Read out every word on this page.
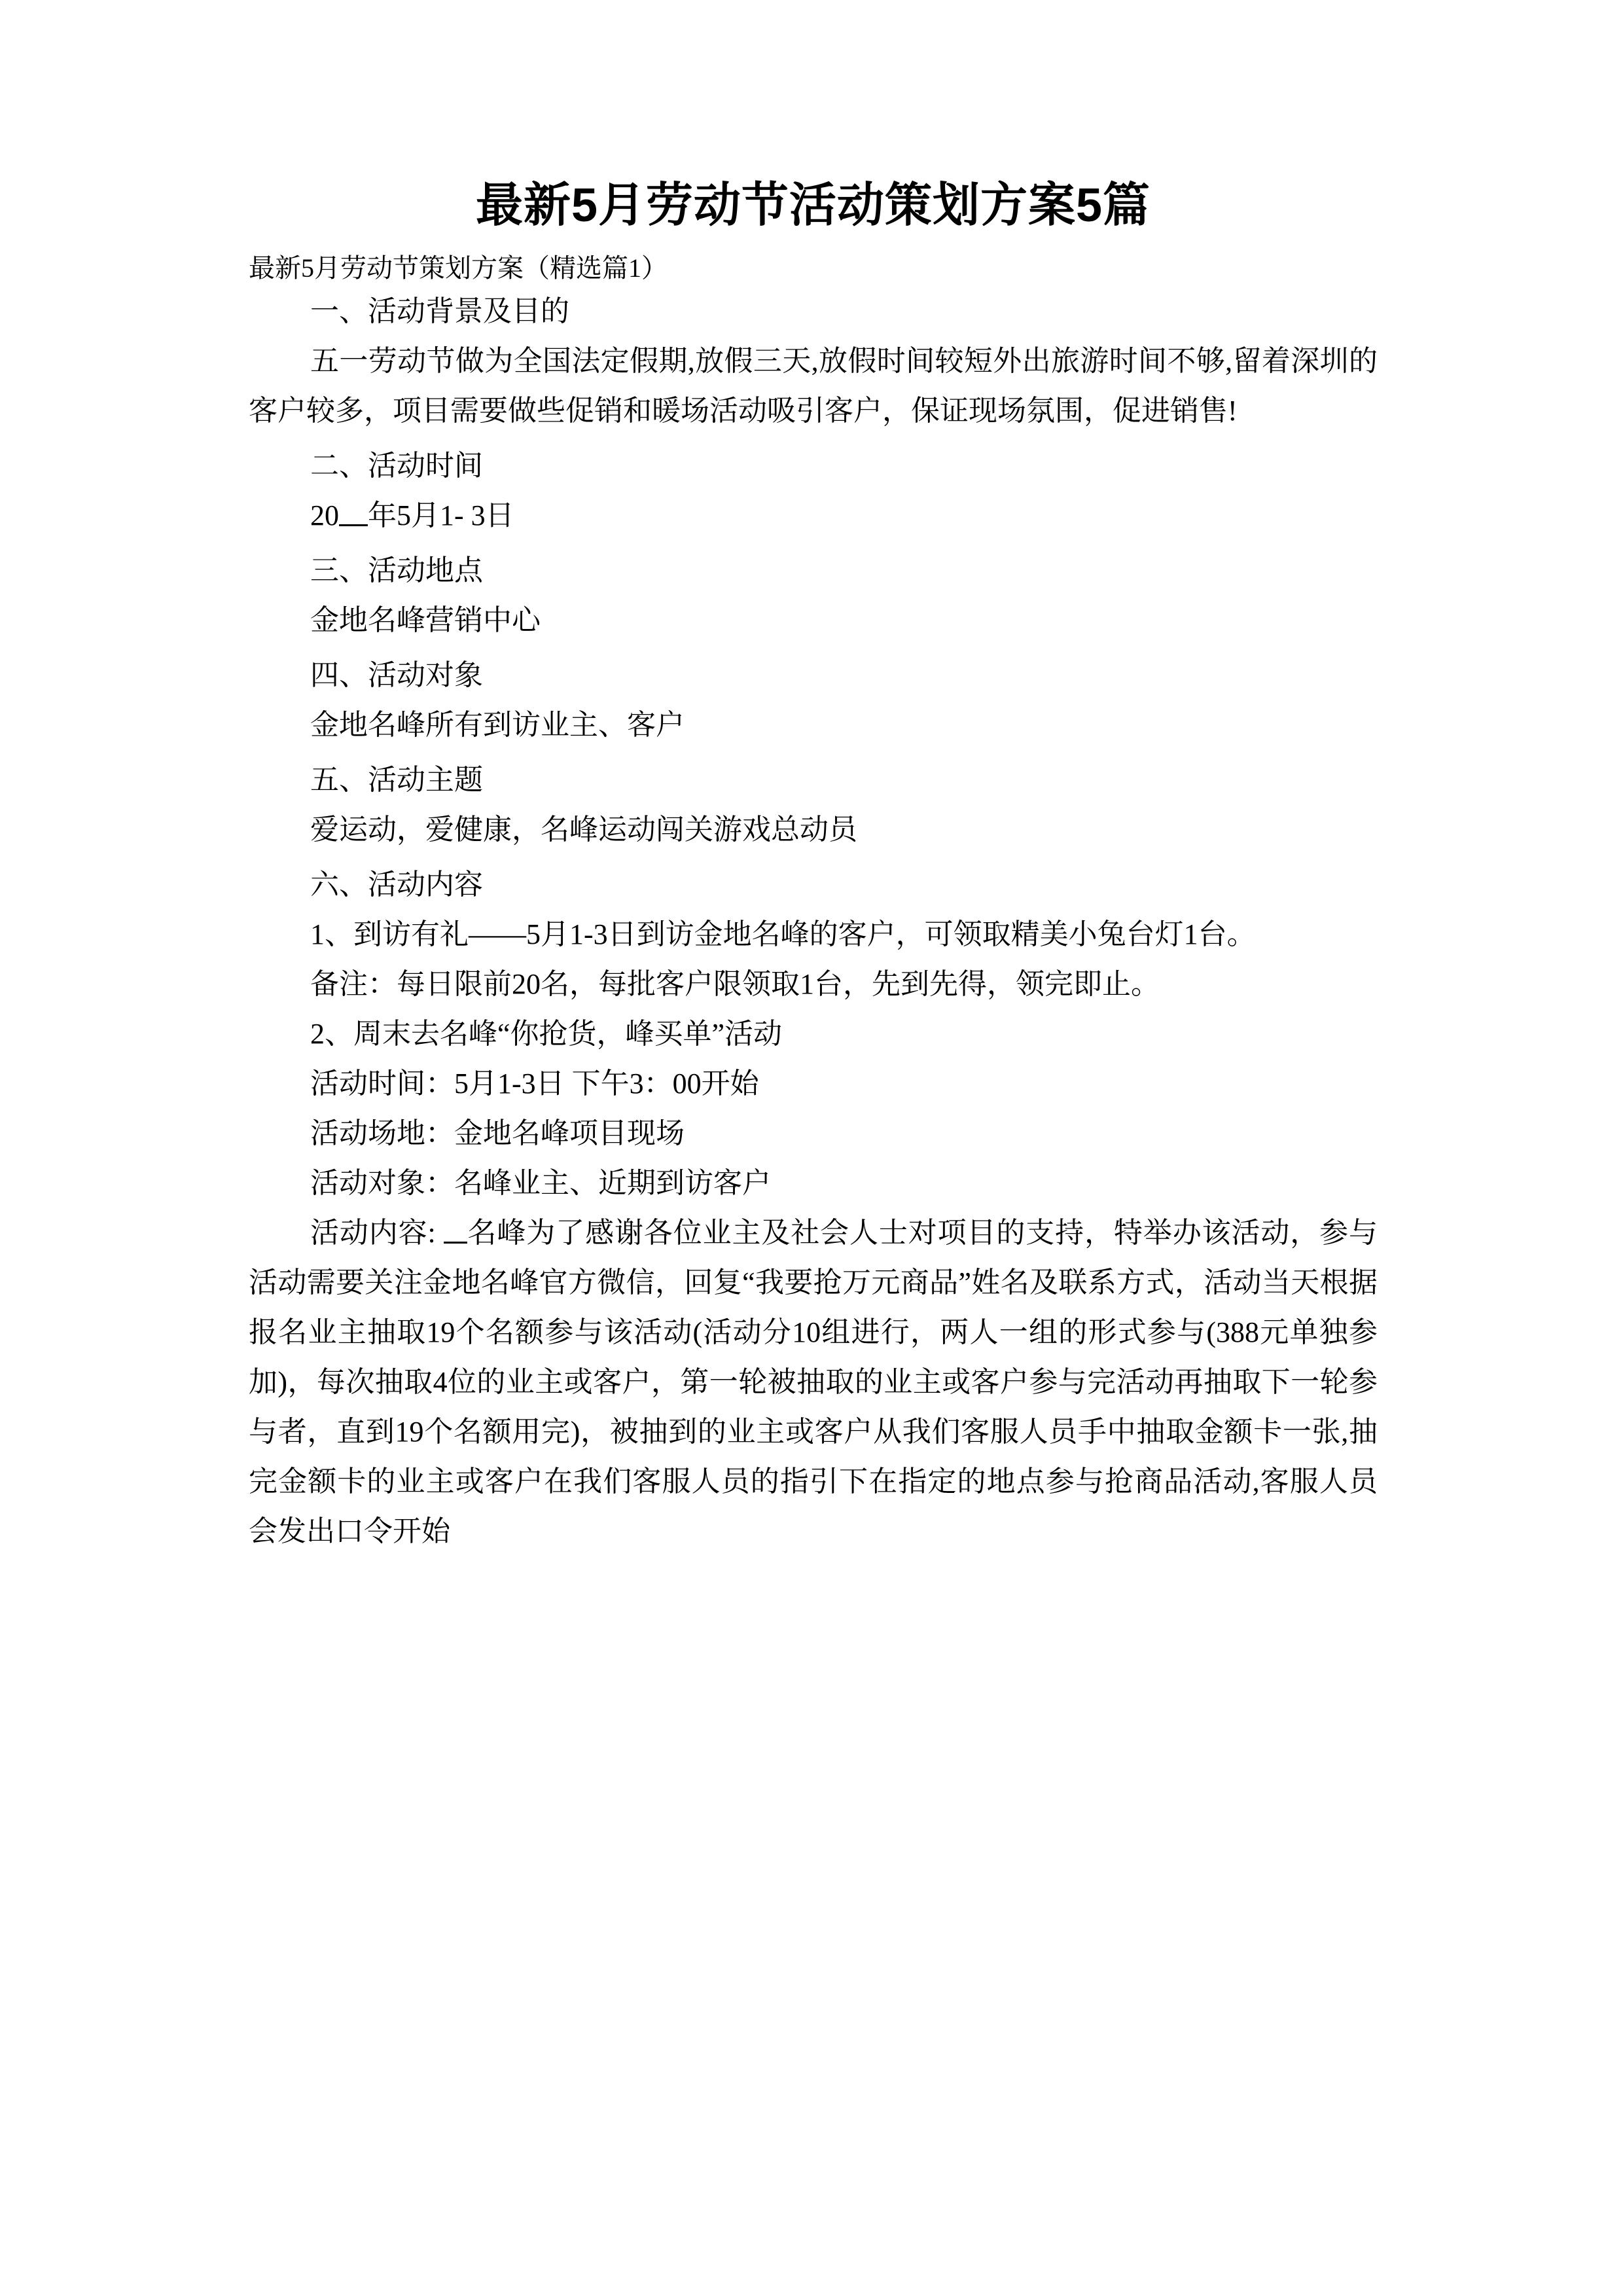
最新5月劳动节活动策划方案5篇

最新5月劳动节策划方案（精选篇1）

一、活动背景及目的

五一劳动节做为全国法定假期,放假三天,放假时间较短外出旅游时间不够,留着深圳的客户较多，项目需要做些促销和暖场活动吸引客户，保证现场氛围，促进销售!

二、活动时间

20 年5月1- 3日

三、活动地点

金地名峰营销中心

四、活动对象

金地名峰所有到访业主、客户

五、活动主题

爱运动，爱健康，名峰运动闯关游戏总动员

六、活动内容

1、到访有礼——5月1-3日到访金地名峰的客户，可领取精美小兔台灯1台。

备注：每日限前20名，每批客户限领取1台，先到先得，领完即止。

2、周末去名峰“你抢货，峰买单”活动

活动时间：5月1-3日 下午3：00开始

活动场地：金地名峰项目现场

活动对象：名峰业主、近期到访客户

活动内容: 名峰为了感谢各位业主及社会人士对项目的支持，特举办该活动，参与活动需要关注金地名峰官方微信，回复“我要抢万元商品”姓名及联系方式，活动当天根据报名业主抽取19个名额参与该活动(活动分10组进行，两人一组的形式参与(388元单独参加)，每次抽取4位的业主或客户，第一轮被抽取的业主或客户参与完活动再抽取下一轮参与者，直到19个名额用完)，被抽到的业主或客户从我们客服人员手中抽取金额卡一张,抽完金额卡的业主或客户在我们客服人员的指引下在指定的地点参与抢商品活动,客服人员会发出口令开始
